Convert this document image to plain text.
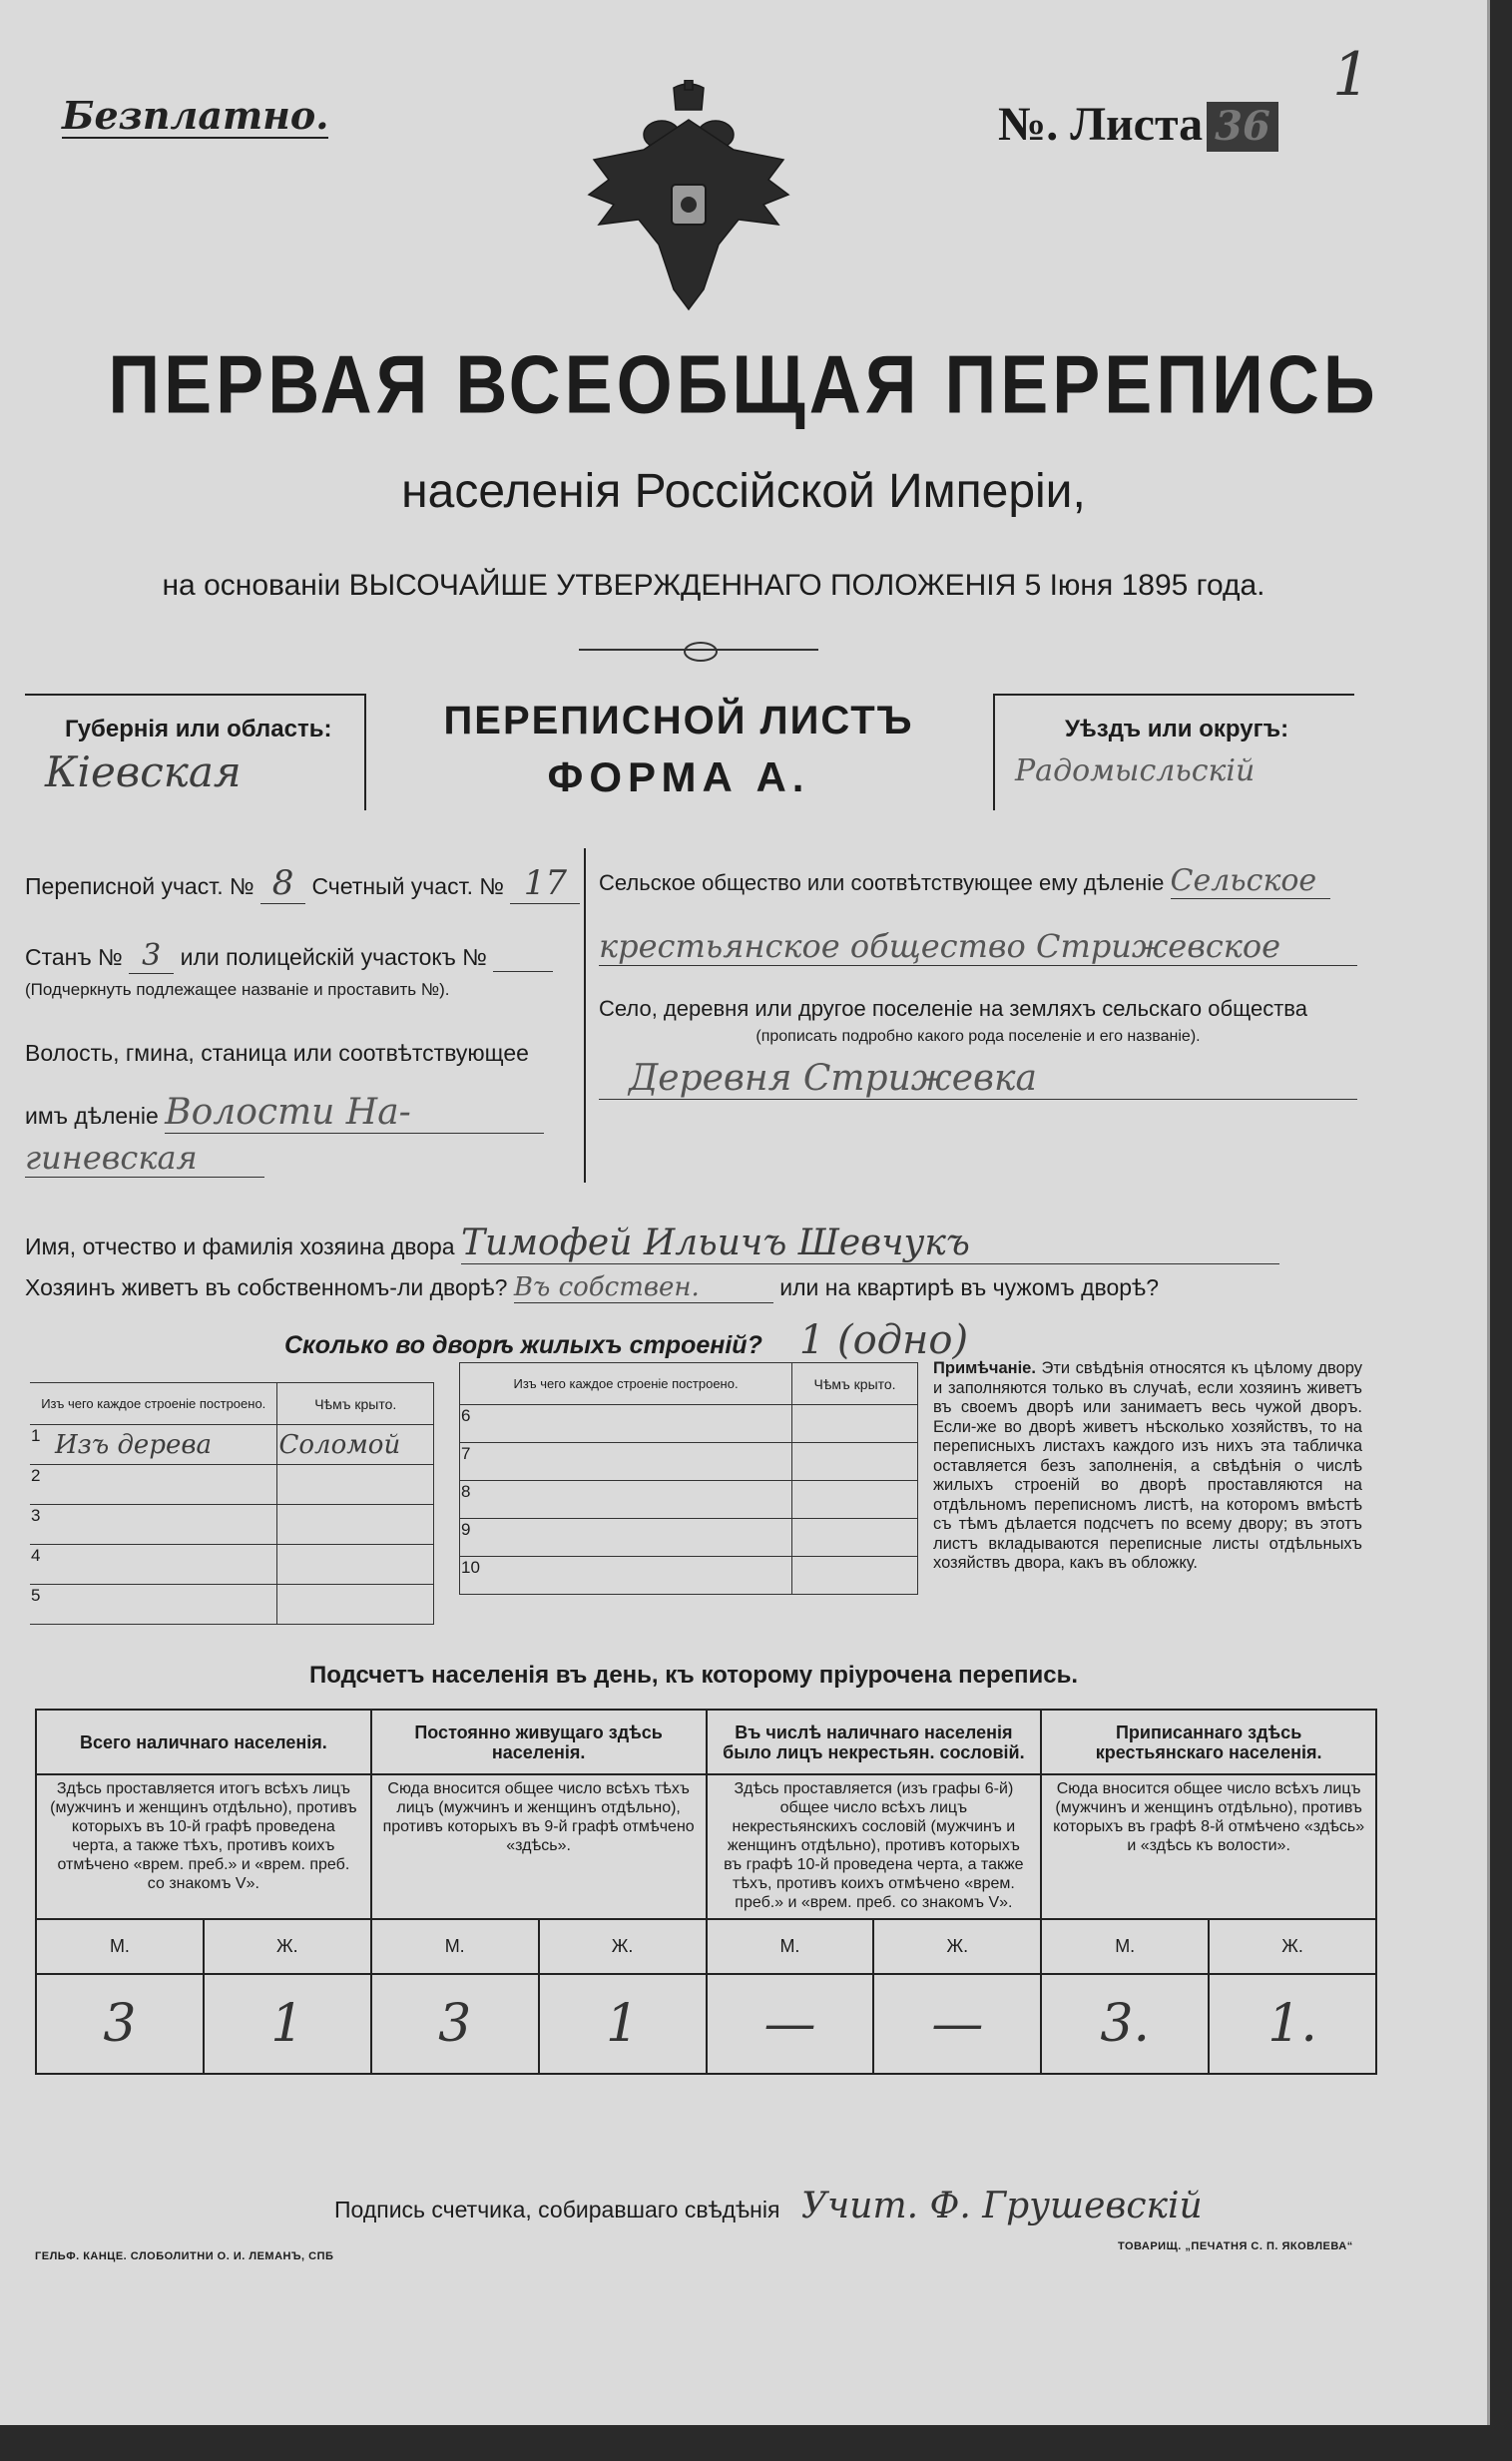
Безплатно.	№. Листа 36
1
ПЕРВАЯ ВСЕОБЩАЯ ПЕРЕПИСЬ
населенія Россійской Имперіи,
на основаніи ВЫСОЧАЙШЕ УТВЕРЖДЕННАГО ПОЛОЖЕНІЯ 5 Іюня 1895 года.
Губернія или область:
Кіевская
ПЕРЕПИСНОЙ ЛИСТЪ
ФОРМА А.
Уѣздъ или округъ:
Радомысльскій
Переписной участ. № 8 Счетный участ. № 17
Станъ № 3 или полицейскій участокъ №
(Подчеркнуть подлежащее названіе и проставить №).
Волость, гмина, станица или соотвѣтствующее
имъ дѣленіе Волости На-
гиневская
Сельское общество или соотвѣтствующее ему дѣленіе Сельское
крестьянское общество Стрижевское
Село, деревня или другое поселеніе на земляхъ сельскаго общества
(прописать подробно какого рода поселеніе и его названіе).
Деревня Стрижевка
Имя, отчество и фамилія хозяина двора Тимофей Ильичъ Шевчукъ
Хозяинъ живетъ въ собственномъ-ли дворѣ? Въ собствен.	или на квартирѣ въ чужомъ дворѣ?
Сколько во дворѣ жилыхъ строеній? 1 (одно)
Изъ чего каждое строеніе построено.		Чѣмъ крыто.
1	Изъ дерева	Соломой
2		
3		
4		
5		
Изъ чего каждое строеніе построено.		Чѣмъ крыто.
6		
7		
8		
9		
10		
Примѣчаніе. Эти свѣдѣнія относятся къ цѣлому двору и заполняются только въ случаѣ, если хозяинъ живетъ въ своемъ дворѣ или занимаетъ весь чужой дворъ. Если-же во дворѣ живетъ нѣсколько хозяйствъ, то на переписныхъ листахъ каждого изъ нихъ эта табличка оставляется безъ заполненія, а свѣдѣнія о числѣ жилыхъ строеній во дворѣ проставляются на отдѣльномъ переписномъ листѣ, на которомъ вмѣстѣ съ тѣмъ дѣлается подсчетъ по всему двору; въ этотъ листъ вкладываются переписные листы отдѣльныхъ хозяйствъ двора, какъ въ обложку.
Подсчетъ населенія въ день, къ которому пріурочена перепись.
Всего наличнаго населенія.		Постоянно живущаго здѣсь населенія.		Въ числѣ наличнаго населенія было лицъ некрестьян. сословій.		Приписаннаго здѣсь крестьянскаго населенія.	
Здѣсь проставляется итогъ всѣхъ лицъ (мужчинъ и женщинъ отдѣльно), противъ которыхъ въ 10-й графѣ проведена черта, а также тѣхъ, противъ коихъ отмѣчено «врем. преб.» и «врем. преб. со знакомъ V».		Сюда вносится общее число всѣхъ тѣхъ лицъ (мужчинъ и женщинъ отдѣльно), противъ которыхъ въ 9-й графѣ отмѣчено «здѣсь».		Здѣсь проставляется (изъ графы 6-й) общее число всѣхъ лицъ некрестьянскихъ сословій (мужчинъ и женщинъ отдѣльно), противъ которыхъ въ графѣ 10-й проведена черта, а также тѣхъ, противъ коихъ отмѣчено «врем. преб.» и «врем. преб. со знакомъ V».		Сюда вносится общее число всѣхъ лицъ (мужчинъ и женщинъ отдѣльно), противъ которыхъ въ графѣ 8-й отмѣчено «здѣсь» и «здѣсь къ волости».	
М.	Ж.	М.	Ж.	М.	Ж.	М.	Ж.
3	1	3	1	—	—	3.	1.
Подпись счетчика, собиравшаго свѣдѣнія Учит. Ф. Грушевскій
ГЕЛЬФ. КАНЦЕ. СЛОБОЛИТНИ О. И. ЛЕМАНЪ, СПБ
ТОВАРИЩ. „ПЕЧАТНЯ С. П. ЯКОВЛЕВА“
